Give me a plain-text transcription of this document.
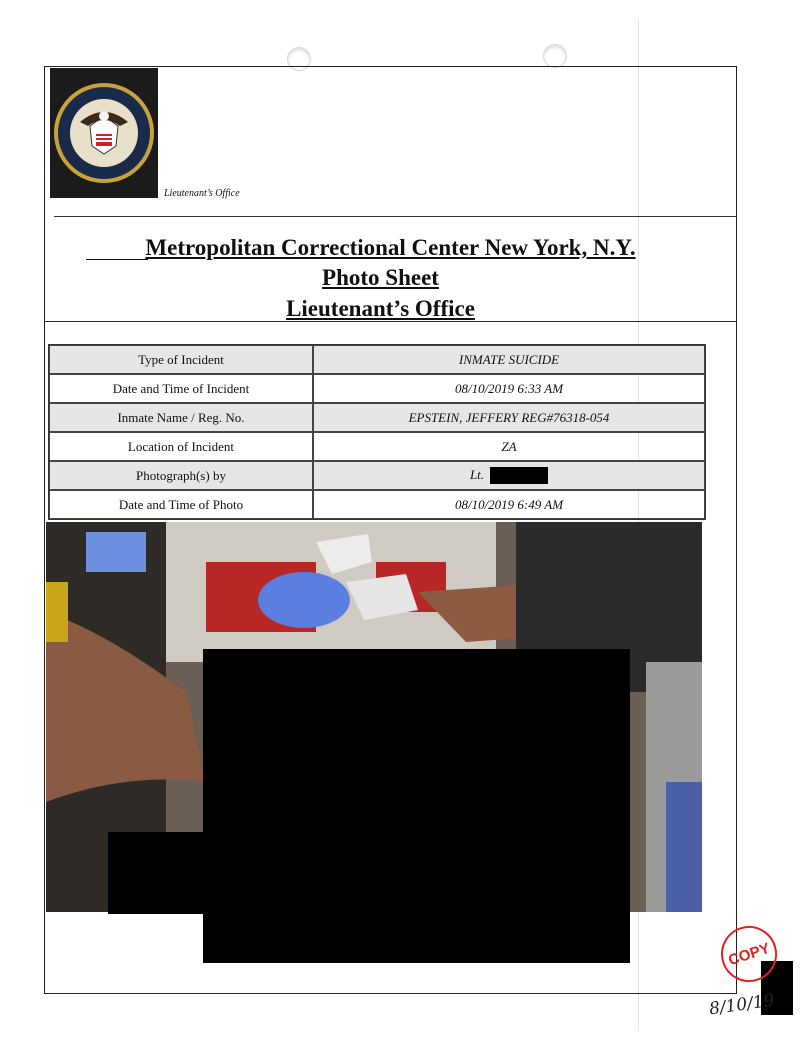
Lieutenant’s Office
Metropolitan Correctional Center New York, N.Y.
Photo Sheet
Lieutenant’s Office
Type of Incident	INMATE SUICIDE
Date and Time of Incident	08/10/2019 6:33 AM
Inmate Name / Reg. No.	EPSTEIN, JEFFERY REG#76318-054
Location of Incident	ZA
Photograph(s) by	Lt.
Date and Time of Photo	08/10/2019 6:49 AM
COPY
8/10/19
